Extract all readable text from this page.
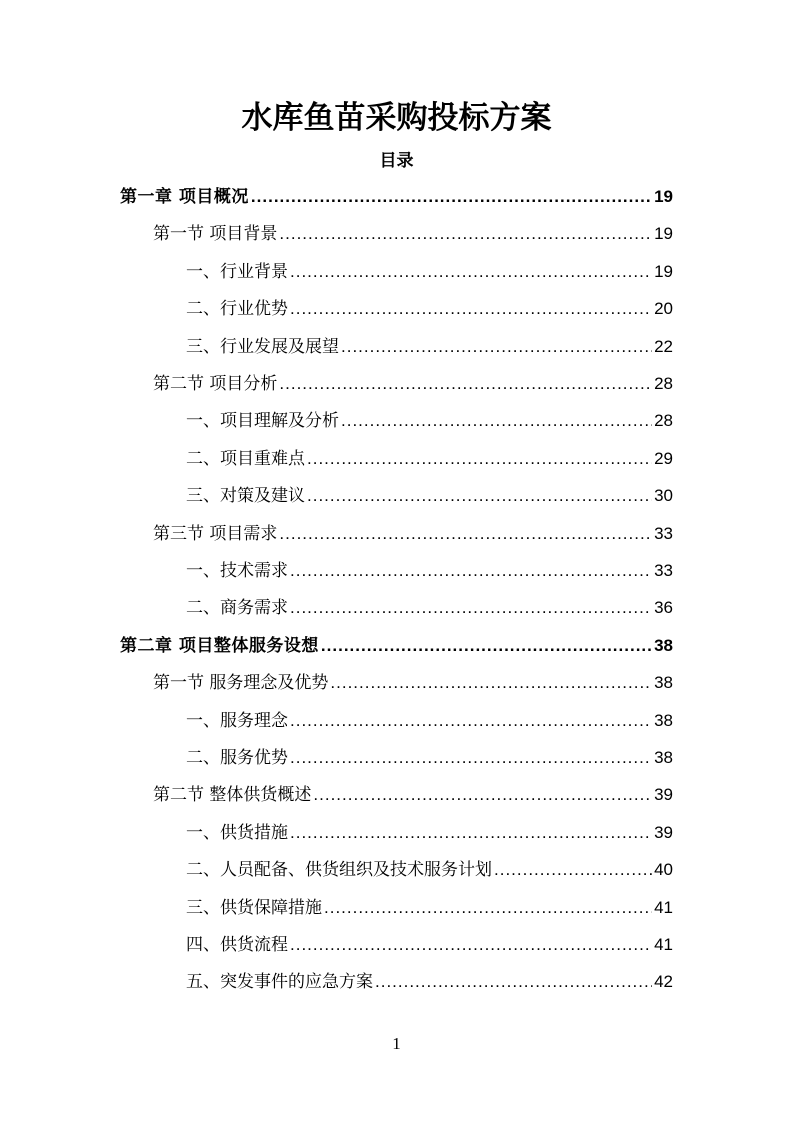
水库鱼苗采购投标方案
目录
1
第一章 项目概况 .....	19
第一节 项目背景 .....	19
一、行业背景 .....	19
二、行业优势 .....	20
三、行业发展及展望 .....	22
第二节 项目分析 .....	28
一、项目理解及分析 .....	28
二、项目重难点 .....	29
三、对策及建议 .....	30
第三节 项目需求 .....	33
一、技术需求 .....	33
二、商务需求 .....	36
第二章 项目整体服务设想 .....	38
第一节 服务理念及优势 .....	38
一、服务理念 .....	38
二、服务优势 .....	38
第二节 整体供货概述 .....	39
一、供货措施 .....	39
二、人员配备、供货组织及技术服务计划 .....	40
三、供货保障措施 .....	41
四、供货流程 .....	41
五、突发事件的应急方案 .....	42
